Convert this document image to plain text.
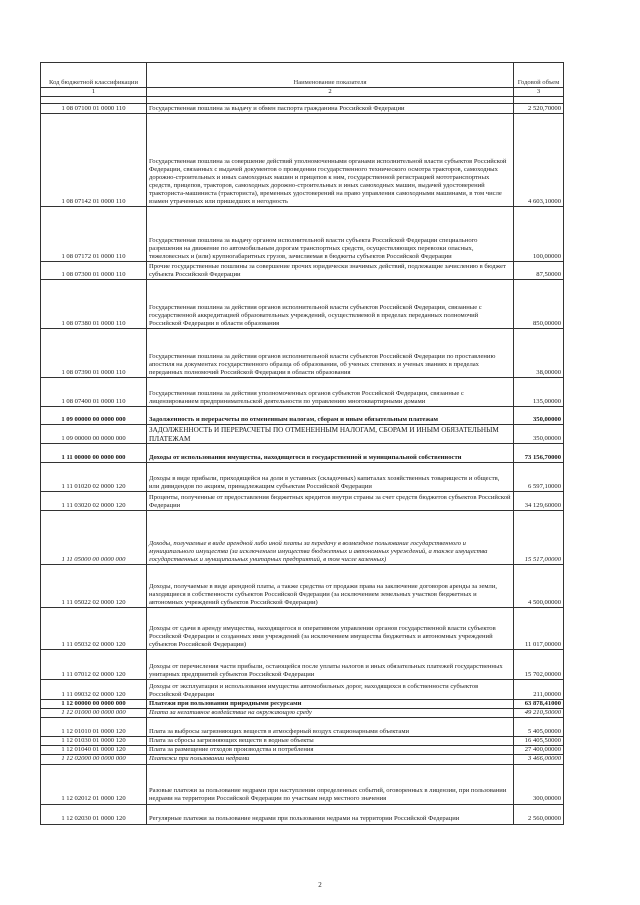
Код бюджетной классификации	Наименование показателя	Годовой объем
1	2	3

1 08 07100 01 0000 110	Государственная пошлина за выдачу и обмен паспорта гражданина Российской Федерации	2 520,70000
1 08 07142 01 0000 110	Государственная пошлина за совершение действий уполномоченными органами исполнительной власти субъектов Российской Федерации, связанных с выдачей документов о проведении государственного технического осмотра тракторов, самоходных дорожно-строительных и иных самоходных машин и прицепов к ним, государственной регистрацией мототранспортных средств, прицепов, тракторов, самоходных дорожно-строительных и иных самоходных машин, выдачей удостоверений тракториста-машиниста (тракториста), временных удостоверений на право управления самоходными машинами, в том числе взамен утраченных или пришедших в негодность	4 603,10000
1 08 07172 01 0000 110	Государственная пошлина за выдачу органом исполнительной власти субъекта Российской Федерации специального разрешения на движение по автомобильным дорогам транспортных средств, осуществляющих перевозки опасных, тяжеловесных и (или) крупногабаритных грузов, зачисляемая в бюджеты субъектов Российской Федерации	100,00000
1 08 07300 01 0000 110	Прочие государственные пошлины за совершение прочих юридически значимых действий, подлежащие зачислению в бюджет субъекта Российской Федерации	87,50000
1 08 07380 01 0000 110	Государственная пошлина за действия органов исполнительной власти субъектов Российской Федерации, связанные с государственной аккредитацией образовательных учреждений, осуществляемой в пределах переданных полномочий Российской Федерации в области образования	850,00000
1 08 07390 01 0000 110	Государственная пошлина за действия органов исполнительной власти субъектов Российской Федерации по проставлению апостиля на документах государственного образца об образовании, об ученых степенях и ученых званиях в пределах переданных полномочий Российской Федерации в области образования	38,00000
1 08 07400 01 0000 110	Государственная пошлина за действия уполномоченных органов субъектов Российской Федерации, связанные с лицензированием предпринимательской деятельности по управлению многоквартирными домами	135,00000
1 09 00000 00 0000 000	Задолженность и перерасчеты по отмененным налогам, сборам и иным обязательным платежам	350,00000
1 09 00000 00 0000 000	ЗАДОЛЖЕННОСТЬ И ПЕРЕРАСЧЕТЫ ПО ОТМЕНЕННЫМ НАЛОГАМ, СБОРАМ И ИНЫМ ОБЯЗАТЕЛЬНЫМ ПЛАТЕЖАМ	350,00000
1 11 00000 00 0000 000	Доходы от использования имущества, находящегося в государственной и муниципальной собственности	73 156,70000
1 11 01020 02 0000 120	Доходы в виде прибыли, приходящейся на доли в уставных (складочных) капиталах хозяйственных товариществ и обществ, или дивидендов по акциям, принадлежащим субъектам Российской Федерации	6 597,10000
1 11 03020 02 0000 120	Проценты, полученные от предоставления бюджетных кредитов внутри страны за счет средств бюджетов субъектов Российской Федерации	34 129,60000
1 11 05000 00 0000 000	Доходы, получаемые в виде арендной либо иной платы за передачу в возмездное пользование государственного и муниципального имущества (за исключением имущества бюджетных и автономных учреждений, а также имущества государственных и муниципальных унитарных предприятий, в том числе казенных)	15 517,00000
1 11 05022 02 0000 120	Доходы, получаемые в виде арендной платы, а также средства от продажи права на заключение договоров аренды за земли, находящиеся в собственности субъектов Российской Федерации (за исключением земельных участков бюджетных и автономных учреждений субъектов Российской Федерации)	4 500,00000
1 11 05032 02 0000 120	Доходы от сдачи в аренду имущества, находящегося в оперативном управлении органов государственной власти субъектов Российской Федерации и созданных ими учреждений (за исключением имущества бюджетных и автономных учреждений субъектов Российской Федерации)	11 017,00000
1 11 07012 02 0000 120	Доходы от перечисления части прибыли, остающейся после уплаты налогов и иных обязательных платежей государственных унитарных предприятий субъектов Российской Федерации	15 702,00000
1 11 09032 02 0000 120	Доходы от эксплуатации и использования имущества автомобильных дорог, находящихся в собственности субъектов Российской Федерации	211,00000
1 12 00000 00 0000 000	Платежи при пользовании природными ресурсами	63 878,41000
1 12 01000 00 0000 000	Плата за негативное воздействие на окружающую среду	49 210,50000
1 12 01010 01 0000 120	Плата за выбросы загрязняющих веществ в атмосферный воздух стационарными объектами	5 405,00000
1 12 01030 01 0000 120	Плата за сбросы загрязняющих веществ в водные объекты	16 405,50000
1 12 01040 01 0000 120	Плата за размещение отходов производства и потребления	27 400,00000
1 12 02000 00 0000 000	Платежи при пользовании недрами	3 466,00000
1 12 02012 01 0000 120	Разовые платежи за пользование недрами при наступлении определенных событий, оговоренных в лицензии, при пользовании недрами на территории Российской Федерации по участкам недр местного значения	300,00000
1 12 02030 01 0000 120	Регулярные платежи за пользование недрами при пользовании недрами на территории Российской Федерации	2 560,00000
2
